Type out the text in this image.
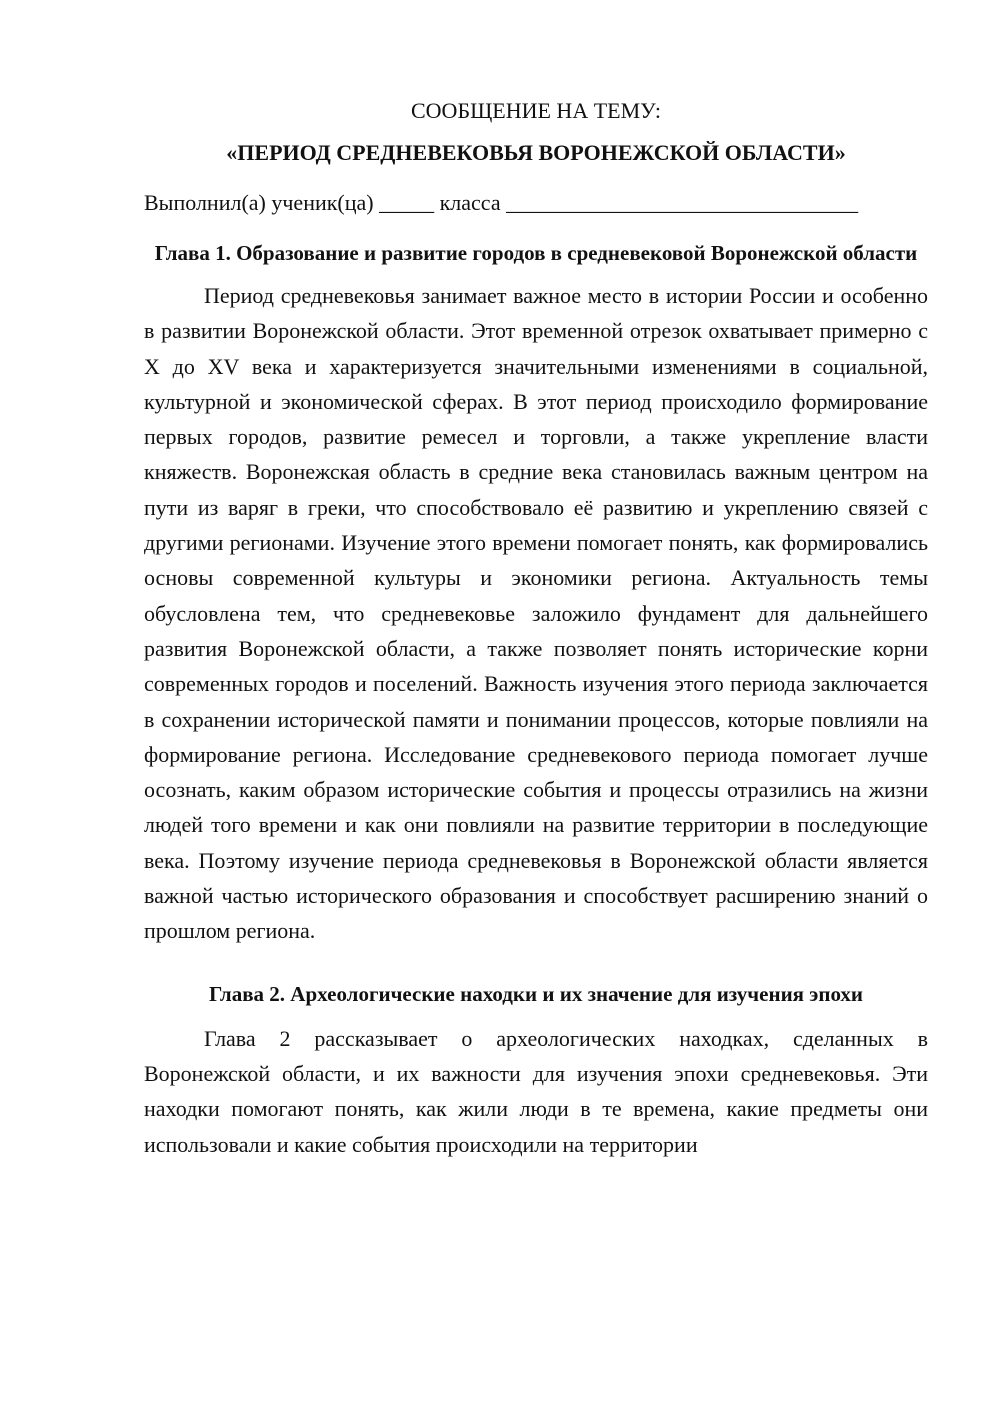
СООБЩЕНИЕ НА ТЕМУ:

«ПЕРИОД СРЕДНЕВЕКОВЬЯ ВОРОНЕЖСКОЙ ОБЛАСТИ»

Выполнил(а) ученик(ца) _____ класса ________________________________

Глава 1. Образование и развитие городов в средневековой Воронежской области

Период средневековья занимает важное место в истории России и особенно в развитии Воронежской области. Этот временной отрезок охватывает примерно с X до XV века и характеризуется значительными изменениями в социальной, культурной и экономической сферах. В этот период происходило формирование первых городов, развитие ремесел и торговли, а также укрепление власти княжеств. Воронежская область в средние века становилась важным центром на пути из варяг в греки, что способствовало её развитию и укреплению связей с другими регионами. Изучение этого времени помогает понять, как формировались основы современной культуры и экономики региона. Актуальность темы обусловлена тем, что средневековье заложило фундамент для дальнейшего развития Воронежской области, а также позволяет понять исторические корни современных городов и поселений. Важность изучения этого периода заключается в сохранении исторической памяти и понимании процессов, которые повлияли на формирование региона. Исследование средневекового периода помогает лучше осознать, каким образом исторические события и процессы отразились на жизни людей того времени и как они повлияли на развитие территории в последующие века. Поэтому изучение периода средневековья в Воронежской области является важной частью исторического образования и способствует расширению знаний о прошлом региона.

Глава 2. Археологические находки и их значение для изучения эпохи

Глава 2 рассказывает о археологических находках, сделанных в Воронежской области, и их важности для изучения эпохи средневековья. Эти находки помогают понять, как жили люди в те времена, какие предметы они использовали и какие события происходили на территории
